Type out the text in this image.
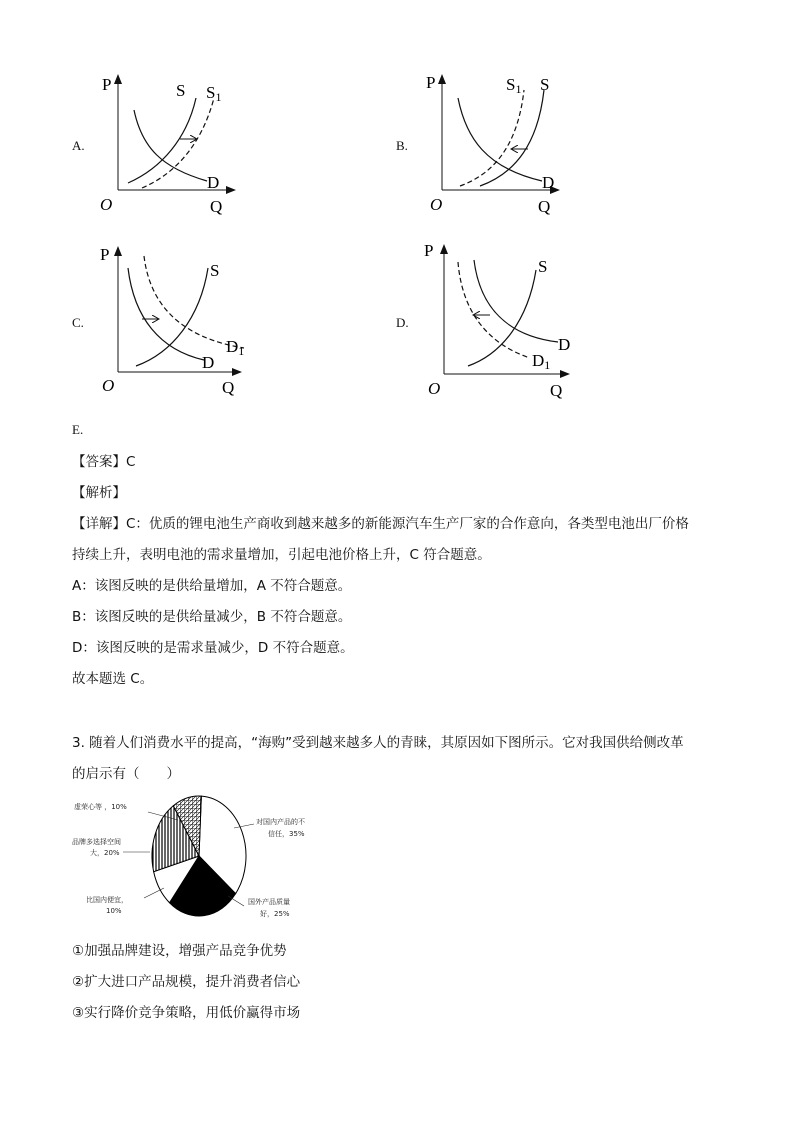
A.
P	S S1
D
O	Q
B.
P	S1 S
D
O	Q
C.
P
S
D1
D
O	Q
D.
P
S
D
D1
O	Q
E.
【答案】C
【解析】
【详解】C：优质的锂电池生产商收到越来越多的新能源汽车生产厂家的合作意向，各类型电池出厂价格
持续上升，表明电池的需求量增加，引起电池价格上升，C 符合题意。
A：该图反映的是供给量增加，A 不符合题意。
B：该图反映的是供给量减少，B 不符合题意。
D：该图反映的是需求量减少，D 不符合题意。
故本题选 C。
3. 随着人们消费水平的提高，“海购”受到越来越多人的青睐，其原因如下图所示。它对我国供给侧改革
的启示有（　　）
虚荣心等 ，10%
品牌多选择空间
大，20%
比国内便宜，
10%
对国内产品的不
信任，35%
国外产品质量
好，25%
①加强品牌建设，增强产品竞争优势
②扩大进口产品规模，提升消费者信心
③实行降价竞争策略，用低价赢得市场
